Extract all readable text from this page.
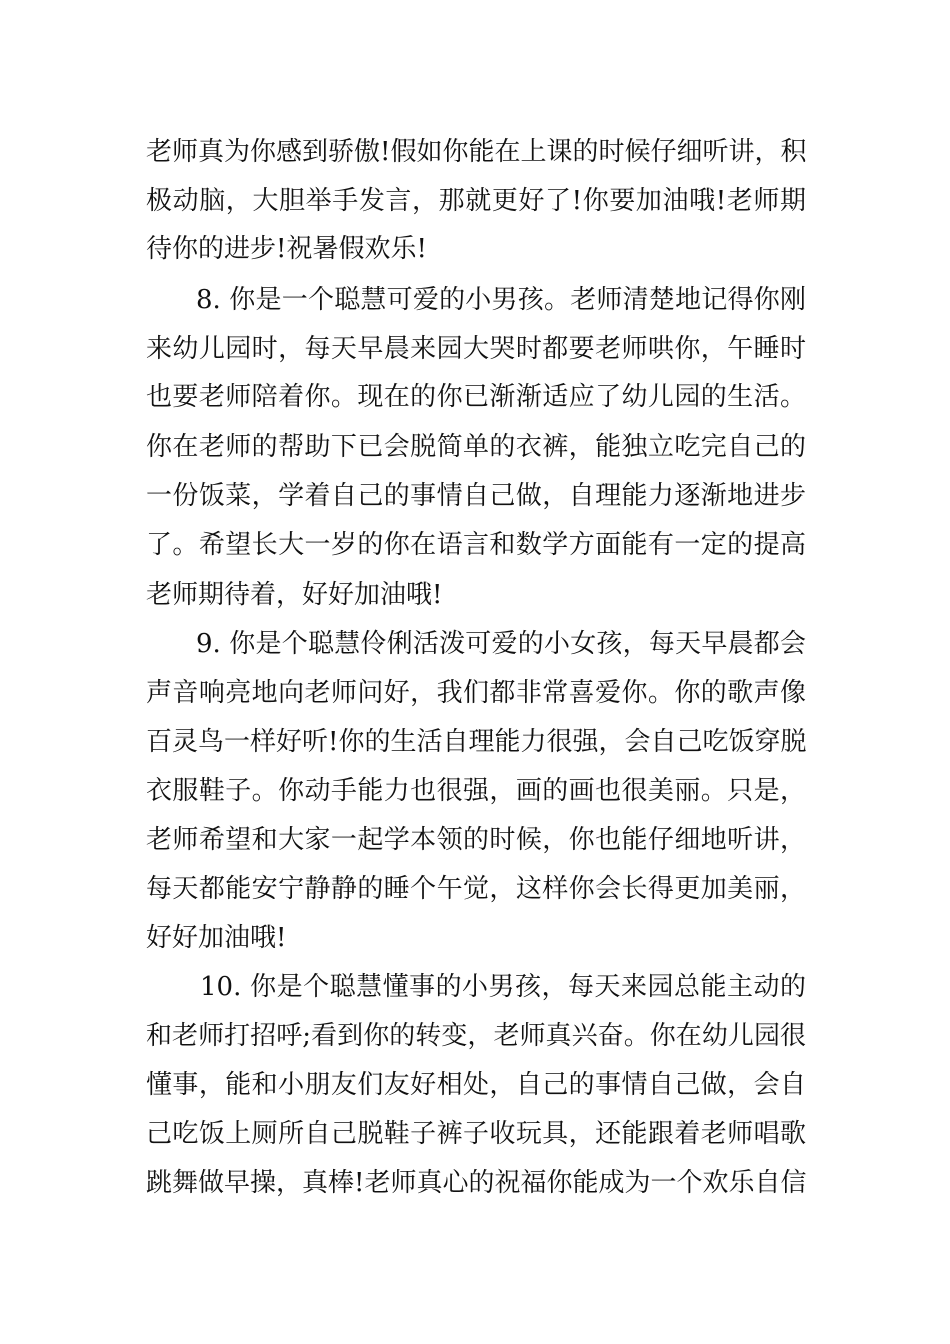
老师真为你感到骄傲!假如你能在上课的时候仔细听讲，积
极动脑，大胆举手发言，那就更好了!你要加油哦!老师期
待你的进步!祝暑假欢乐!
8. 你是一个聪慧可爱的小男孩。老师清楚地记得你刚
来幼儿园时，每天早晨来园大哭时都要老师哄你，午睡时
也要老师陪着你。现在的你已渐渐适应了幼儿园的生活。
你在老师的帮助下已会脱简单的衣裤，能独立吃完自己的
一份饭菜，学着自己的事情自己做，自理能力逐渐地进步
了。希望长大一岁的你在语言和数学方面能有一定的提高
老师期待着，好好加油哦!
9. 你是个聪慧伶俐活泼可爱的小女孩，每天早晨都会
声音响亮地向老师问好，我们都非常喜爱你。你的歌声像
百灵鸟一样好听!你的生活自理能力很强，会自己吃饭穿脱
衣服鞋子。你动手能力也很强，画的画也很美丽。只是，
老师希望和大家一起学本领的时候，你也能仔细地听讲，
每天都能安宁静静的睡个午觉，这样你会长得更加美丽，
好好加油哦!
10. 你是个聪慧懂事的小男孩，每天来园总能主动的
和老师打招呼;看到你的转变，老师真兴奋。你在幼儿园很
懂事，能和小朋友们友好相处，自己的事情自己做，会自
己吃饭上厕所自己脱鞋子裤子收玩具，还能跟着老师唱歌
跳舞做早操，真棒!老师真心的祝福你能成为一个欢乐自信
